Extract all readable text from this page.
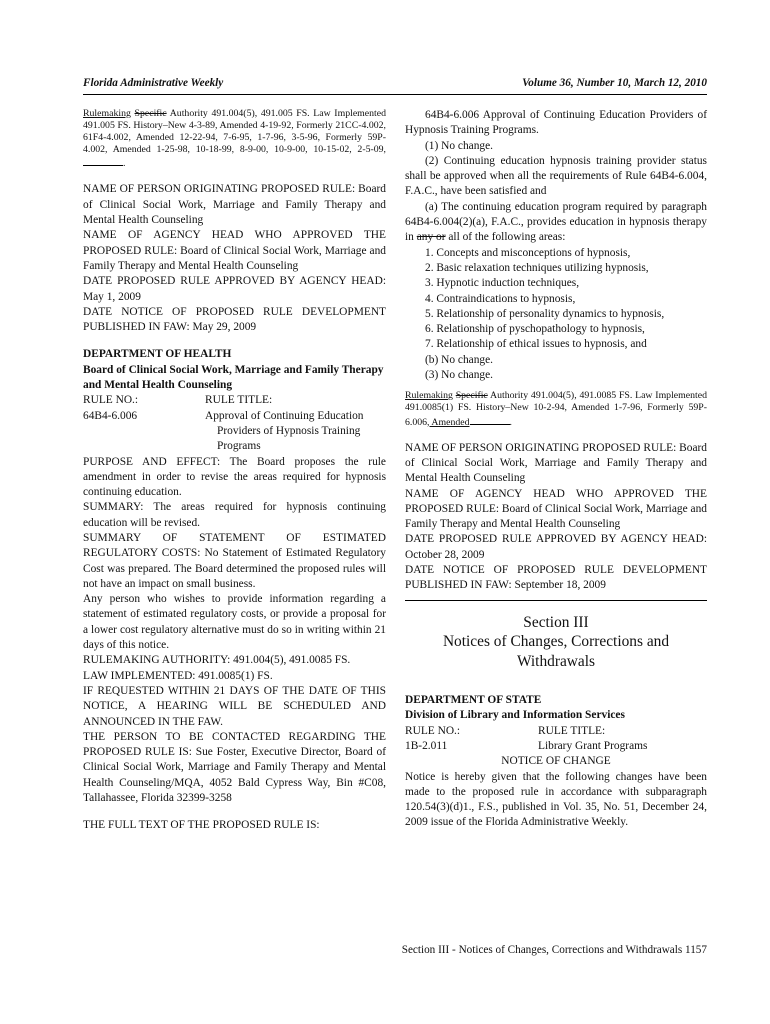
Florida Administrative Weekly	Volume 36, Number 10, March 12, 2010

Rulemaking Specific Authority 491.004(5), 491.005 FS. Law Implemented 491.005 FS. History–New 4-3-89, Amended 4-19-92, Formerly 21CC-4.002, 61F4-4.002, Amended 12-22-94, 7-6-95, 1-7-96, 3-5-96, Formerly 59P-4.002, Amended 1-25-98, 10-18-99, 8-9-00, 10-9-00, 10-15-02, 2-5-09,.

NAME OF PERSON ORIGINATING PROPOSED RULE: Board of Clinical Social Work, Marriage and Family Therapy and Mental Health Counseling

NAME OF AGENCY HEAD WHO APPROVED THE PROPOSED RULE: Board of Clinical Social Work, Marriage and Family Therapy and Mental Health Counseling

DATE PROPOSED RULE APPROVED BY AGENCY HEAD: May 1, 2009

DATE NOTICE OF PROPOSED RULE DEVELOPMENT PUBLISHED IN FAW: May 29, 2009

DEPARTMENT OF HEALTH

Board of Clinical Social Work, Marriage and Family Therapy and Mental Health Counseling

RULE NO.:	RULE TITLE:
64B4-6.006	Approval of Continuing Education Providers of Hypnosis Training Programs

PURPOSE AND EFFECT: The Board proposes the rule amendment in order to revise the areas required for hypnosis continuing education.

SUMMARY: The areas required for hypnosis continuing education will be revised.

SUMMARY OF STATEMENT OF ESTIMATED REGULATORY COSTS: No Statement of Estimated Regulatory Cost was prepared. The Board determined the proposed rules will not have an impact on small business.

Any person who wishes to provide information regarding a statement of estimated regulatory costs, or provide a proposal for a lower cost regulatory alternative must do so in writing within 21 days of this notice.

RULEMAKING AUTHORITY: 491.004(5), 491.0085 FS.

LAW IMPLEMENTED: 491.0085(1) FS.

IF REQUESTED WITHIN 21 DAYS OF THE DATE OF THIS NOTICE, A HEARING WILL BE SCHEDULED AND ANNOUNCED IN THE FAW.

THE PERSON TO BE CONTACTED REGARDING THE PROPOSED RULE IS: Sue Foster, Executive Director, Board of Clinical Social Work, Marriage and Family Therapy and Mental Health Counseling/MQA, 4052 Bald Cypress Way, Bin #C08, Tallahassee, Florida 32399-3258

THE FULL TEXT OF THE PROPOSED RULE IS:

64B4-6.006 Approval of Continuing Education Providers of Hypnosis Training Programs.

(1) No change.

(2) Continuing education hypnosis training provider status shall be approved when all the requirements of Rule 64B4-6.004, F.A.C., have been satisfied and

(a) The continuing education program required by paragraph 64B4-6.004(2)(a), F.A.C., provides education in hypnosis therapy in any or all of the following areas:

1. Concepts and misconceptions of hypnosis,

2. Basic relaxation techniques utilizing hypnosis,

3. Hypnotic induction techniques,

4. Contraindications to hypnosis,

5. Relationship of personality dynamics to hypnosis,

6. Relationship of pyschopathology to hypnosis,

7. Relationship of ethical issues to hypnosis, and

(b) No change.

(3) No change.

Rulemaking Specific Authority 491.004(5), 491.0085 FS. Law Implemented 491.0085(1) FS. History–New 10-2-94, Amended 1-7-96, Formerly 59P-6.006, Amended	.

NAME OF PERSON ORIGINATING PROPOSED RULE: Board of Clinical Social Work, Marriage and Family Therapy and Mental Health Counseling

NAME OF AGENCY HEAD WHO APPROVED THE PROPOSED RULE: Board of Clinical Social Work, Marriage and Family Therapy and Mental Health Counseling

DATE PROPOSED RULE APPROVED BY AGENCY HEAD: October 28, 2009

DATE NOTICE OF PROPOSED RULE DEVELOPMENT PUBLISHED IN FAW: September 18, 2009

Section III

Notices of Changes, Corrections and

Withdrawals

DEPARTMENT OF STATE

Division of Library and Information Services

RULE NO.:	RULE TITLE:
1B-2.011	Library Grant Programs

NOTICE OF CHANGE

Notice is hereby given that the following changes have been made to the proposed rule in accordance with subparagraph 120.54(3)(d)1., F.S., published in Vol. 35, No. 51, December 24, 2009 issue of the Florida Administrative Weekly.

Section III - Notices of Changes, Corrections and Withdrawals 1157
